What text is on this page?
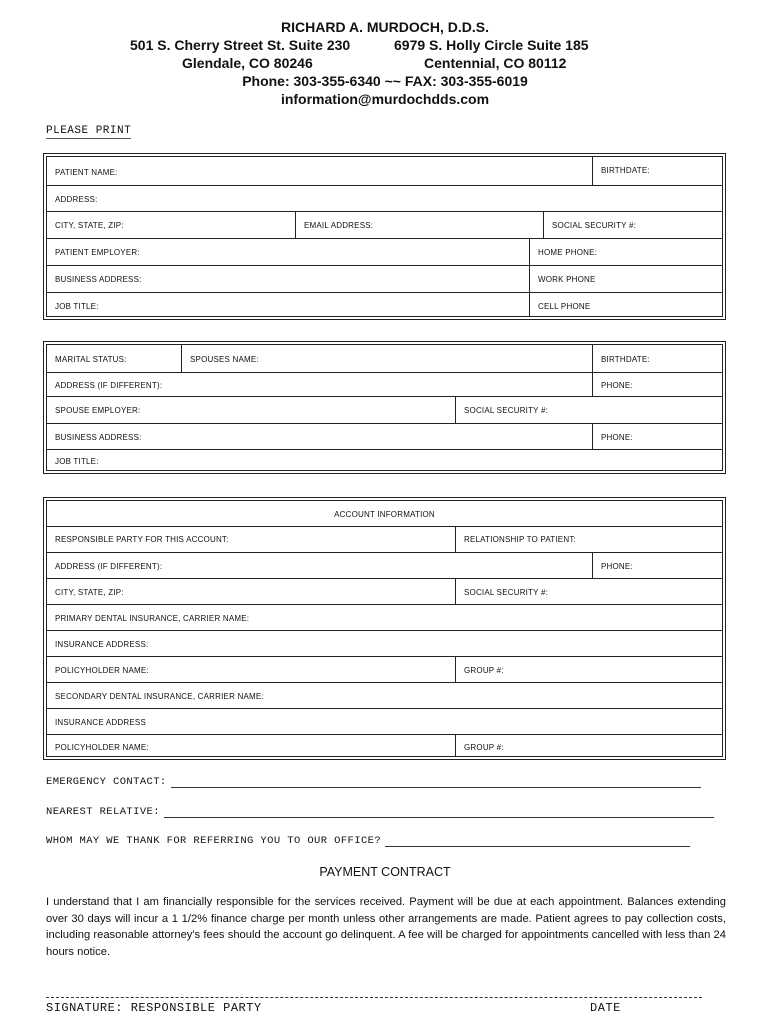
RICHARD A. MURDOCH, D.D.S.
501 S. Cherry Street St. Suite 230	6979 S. Holly Circle Suite 185
Glendale, CO 80246	Centennial, CO 80112
Phone: 303-355-6340 ~~ FAX: 303-355-6019
information@murdochdds.com
PLEASE PRINT
PATIENT NAME:	BIRTHDATE:
ADDRESS:
CITY, STATE, ZIP:	EMAIL ADDRESS:	SOCIAL SECURITY #:
PATIENT EMPLOYER:	HOME PHONE:
BUSINESS ADDRESS:	WORK PHONE
JOB TITLE:	CELL PHONE
MARITAL STATUS:	SPOUSES NAME:	BIRTHDATE:
ADDRESS (IF DIFFERENT):	PHONE:
SPOUSE EMPLOYER:	SOCIAL SECURITY #:
BUSINESS ADDRESS:	PHONE:
JOB TITLE:
ACCOUNT INFORMATION
RESPONSIBLE PARTY FOR THIS ACCOUNT:	RELATIONSHIP TO PATIENT:
ADDRESS (IF DIFFERENT):	PHONE:
CITY, STATE, ZIP:	SOCIAL SECURITY #:
PRIMARY DENTAL INSURANCE, CARRIER NAME:
INSURANCE ADDRESS:
POLICYHOLDER NAME:	GROUP #:
SECONDARY DENTAL INSURANCE, CARRIER NAME:
INSURANCE ADDRESS
POLICYHOLDER NAME:	GROUP #:
EMERGENCY CONTACT:
NEAREST RELATIVE:
WHOM MAY WE THANK FOR REFERRING YOU TO OUR OFFICE?
PAYMENT CONTRACT
I understand that I am financially responsible for the services received. Payment will be due at each appointment. Balances extending over 30 days will incur a 1 1/2% finance charge per month unless other arrangements are made. Patient agrees to pay collection costs, including reasonable attorney's fees should the account go delinquent. A fee will be charged for appointments cancelled with less than 24 hours notice.
SIGNATURE: RESPONSIBLE PARTY	DATE
